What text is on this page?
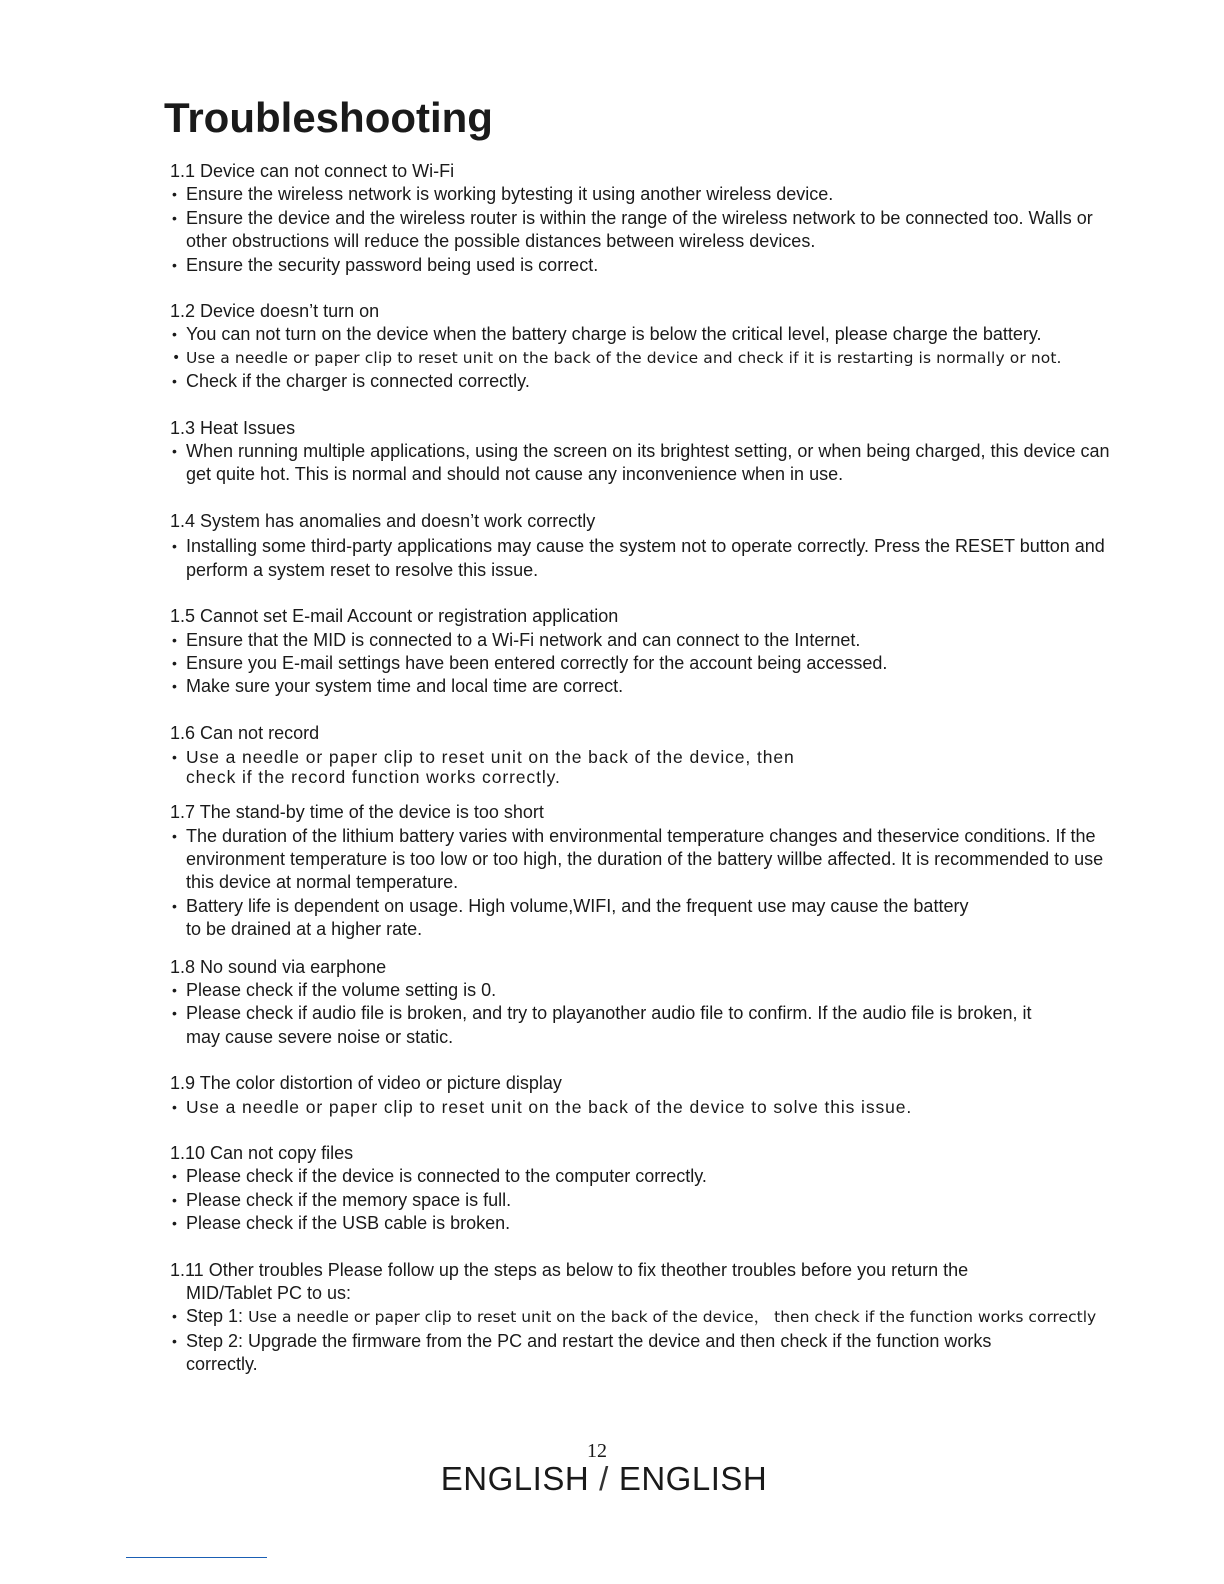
Troubleshooting

1.1 Device can not connect to Wi-Fi

• Ensure the wireless network is working bytesting it using another wireless device.

• Ensure the device and the wireless router is within the range of the wireless network to be connected too. Walls or other obstructions will reduce the possible distances between wireless devices.

• Ensure the security password being used is correct.

1.2 Device doesn’t turn on

• You can not turn on the device when the battery charge is below the critical level, please charge the battery.

• Use a needle or paper clip to reset unit on the back of the device and check if it is restarting is normally or not.

• Check if the charger is connected correctly.

1.3 Heat Issues

• When running multiple applications, using the screen on its brightest setting, or when being charged, this device can get quite hot. This is normal and should not cause any inconvenience when in use.

1.4 System has anomalies and doesn’t work correctly

• Installing some third-party applications may cause the system not to operate correctly. Press the RESET button and perform a system reset to resolve this issue.

1.5 Cannot set E-mail Account or registration application

• Ensure that the MID is connected to a Wi-Fi network and can connect to the Internet.

• Ensure you E-mail settings have been entered correctly for the account being accessed.

• Make sure your system time and local time are correct.

1.6 Can not record

• Use a needle or paper clip to reset unit on the back of the device, then check if the record function works correctly.

1.7 The stand-by time of the device is too short

• The duration of the lithium battery varies with environmental temperature changes and theservice conditions. If the environment temperature is too low or too high, the duration of the battery willbe affected. It is recommended to use this device at normal temperature.

• Battery life is dependent on usage. High volume,WIFI, and the frequent use may cause the battery to be drained at a higher rate.

1.8 No sound via earphone

• Please check if the volume setting is 0.

• Please check if audio file is broken, and try to playanother audio file to confirm. If the audio file is broken, it may cause severe noise or static.

1.9 The color distortion of video or picture display

• Use a needle or paper clip to reset unit on the back of the device to solve this issue.

1.10 Can not copy files

• Please check if the device is connected to the computer correctly.

• Please check if the memory space is full.

• Please check if the USB cable is broken.

1.11 Other troubles Please follow up the steps as below to fix theother troubles before you return the MID/Tablet PC to us:

• Step 1: Use a needle or paper clip to reset unit on the back of the device， then check if the function works correctly

• Step 2: Upgrade the firmware from the PC and restart the device and then check if the function works correctly.

12
ENGLISH / ENGLISH
